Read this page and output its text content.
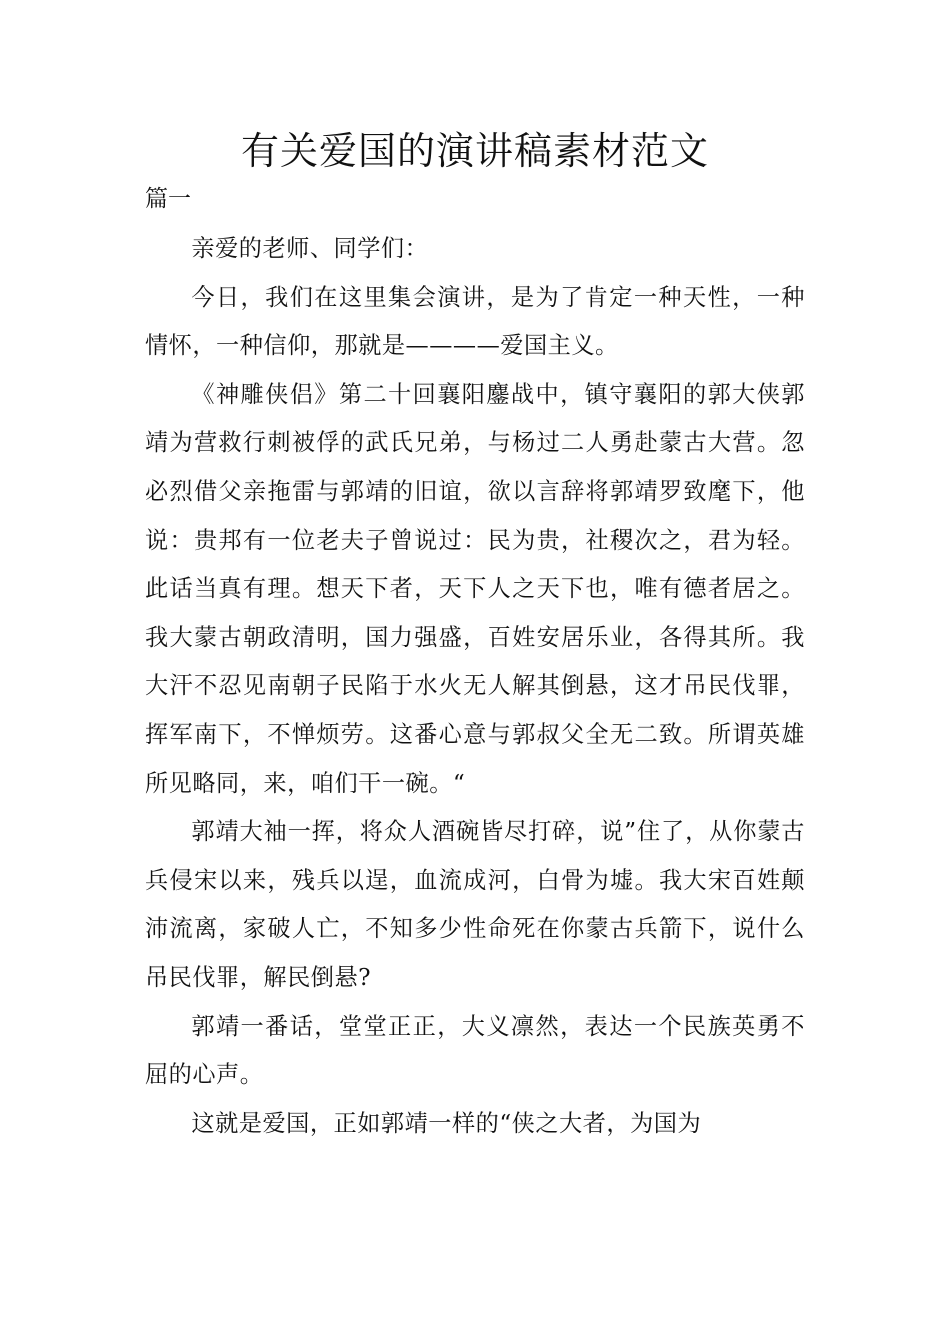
有关爱国的演讲稿素材范文

篇一

亲爱的老师、同学们：

今日，我们在这里集会演讲，是为了肯定一种天性，一种情怀，一种信仰，那就是————爱国主义。

《神雕侠侣》第二十回襄阳鏖战中，镇守襄阳的郭大侠郭靖为营救行刺被俘的武氏兄弟，与杨过二人勇赴蒙古大营。忽必烈借父亲拖雷与郭靖的旧谊，欲以言辞将郭靖罗致麾下，他说：贵邦有一位老夫子曾说过：民为贵，社稷次之，君为轻。此话当真有理。想天下者，天下人之天下也，唯有德者居之。我大蒙古朝政清明，国力强盛，百姓安居乐业，各得其所。我大汗不忍见南朝子民陷于水火无人解其倒悬，这才吊民伐罪，挥军南下，不惮烦劳。这番心意与郭叔父全无二致。所谓英雄所见略同，来，咱们干一碗。“

郭靖大袖一挥，将众人酒碗皆尽打碎，说”住了，从你蒙古兵侵宋以来，残兵以逞，血流成河，白骨为墟。我大宋百姓颠沛流离，家破人亡，不知多少性命死在你蒙古兵箭下，说什么吊民伐罪，解民倒悬?

郭靖一番话，堂堂正正，大义凛然，表达一个民族英勇不屈的心声。

这就是爱国，正如郭靖一样的“侠之大者，为国为
